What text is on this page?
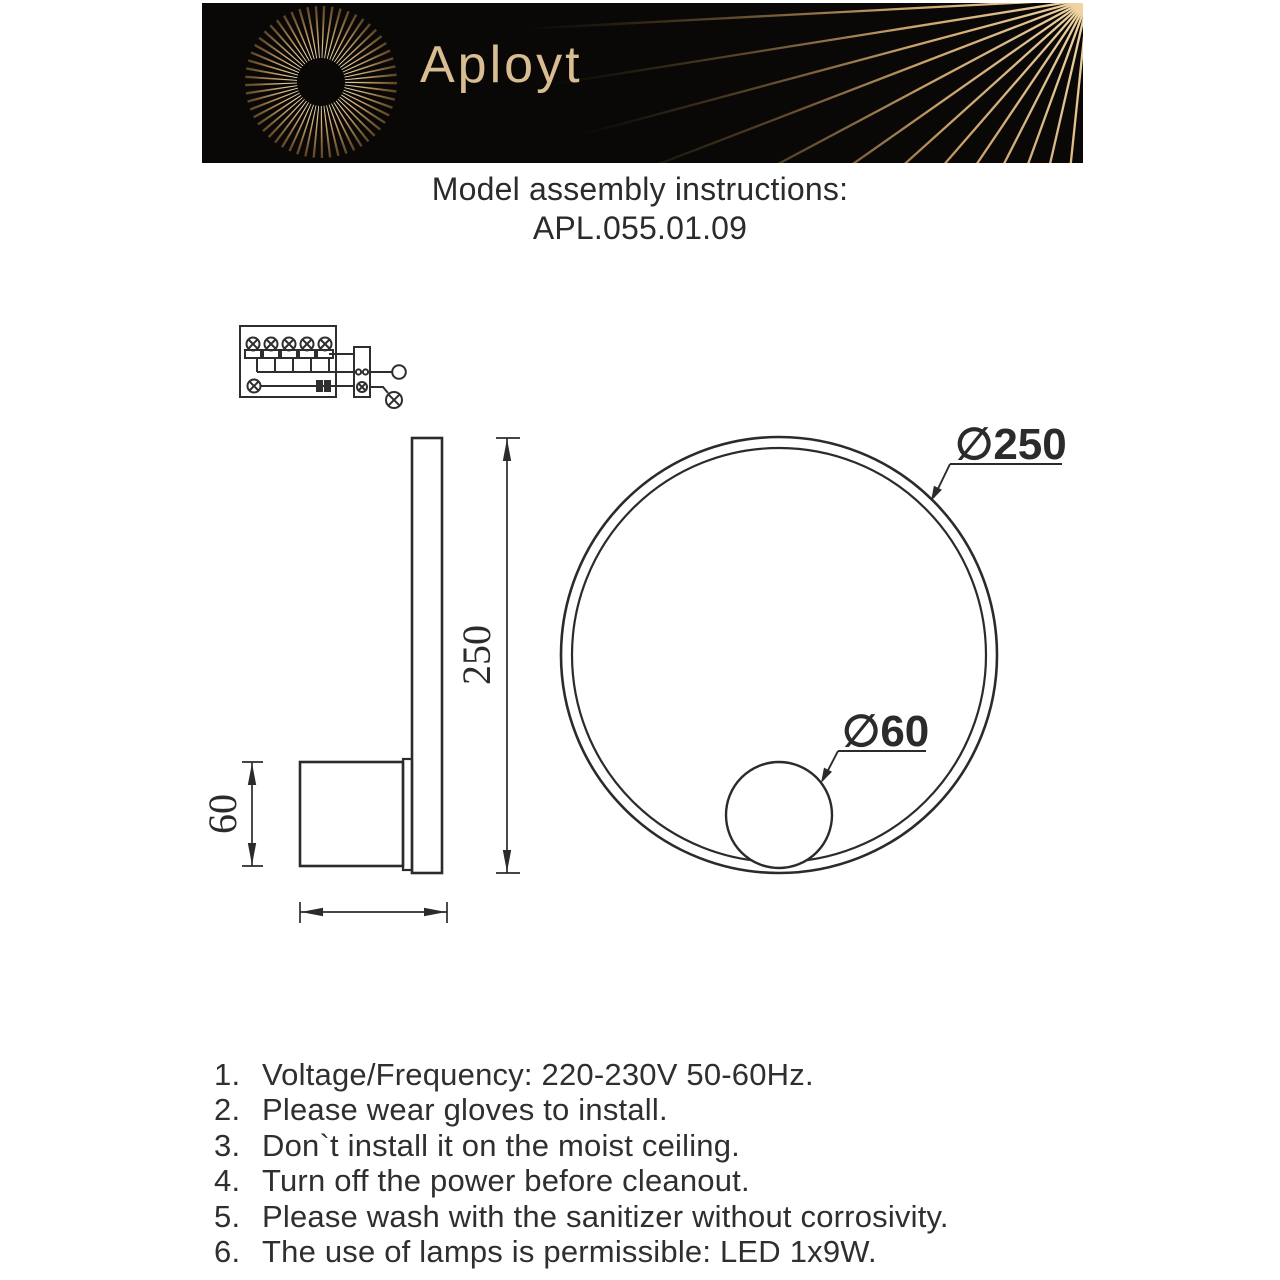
Aployt
Model assembly instructions:
APL.055.01.09
250
60
∅250
∅60
1. Voltage/Frequency: 220-230V 50-60Hz.
2. Please wear gloves to install.
3. Don`t install it on the moist ceiling.
4. Turn off the power before cleanout.
5. Please wash with the sanitizer without corrosivity.
6. The use of lamps is permissible: LED 1x9W.
